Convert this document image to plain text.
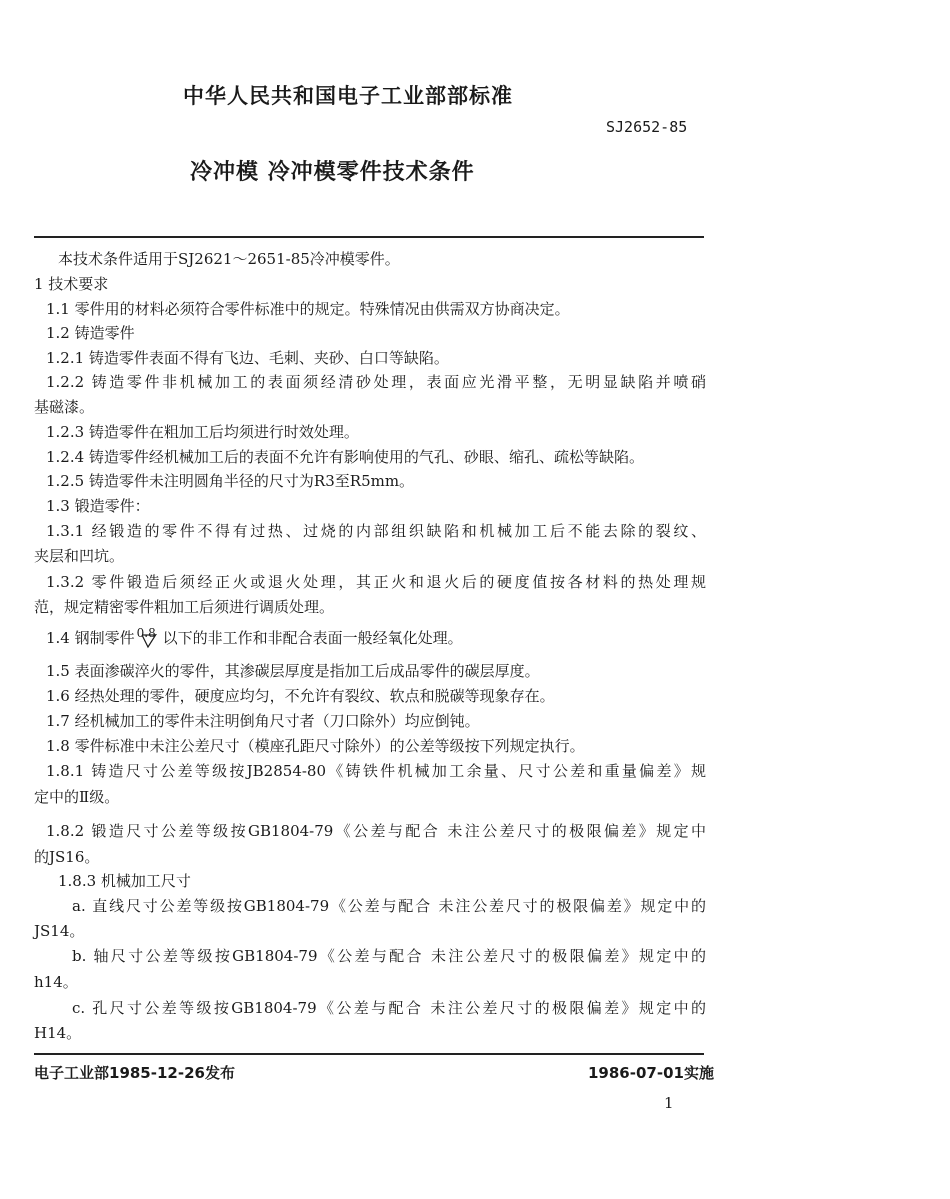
中华人民共和国电子工业部部标准
SJ2652-85
冷冲模 冷冲模零件技术条件
本技术条件适用于SJ2621～2651-85冷冲模零件。
1 技术要求
1.1 零件用的材料必须符合零件标准中的规定。特殊情况由供需双方协商决定。
1.2 铸造零件
1.2.1 铸造零件表面不得有飞边、毛刺、夹砂、白口等缺陷。
1.2.2 铸造零件非机械加工的表面须经清砂处理，表面应光滑平整，无明显缺陷并喷硝
基磁漆。
1.2.3 铸造零件在粗加工后均须进行时效处理。
1.2.4 铸造零件经机械加工后的表面不允许有影响使用的气孔、砂眼、缩孔、疏松等缺陷。
1.2.5 铸造零件未注明圆角半径的尺寸为R3至R5mm。
1.3 锻造零件：
1.3.1 经锻造的零件不得有过热、过烧的内部组织缺陷和机械加工后不能去除的裂纹、
夹层和凹坑。
1.3.2 零件锻造后须经正火或退火处理，其正火和退火后的硬度值按各材料的热处理规
范，规定精密零件粗加工后须进行调质处理。
1.4 钢制零件 0.8 以下的非工作和非配合表面一般经氧化处理。
1.5 表面渗碳淬火的零件，其渗碳层厚度是指加工后成品零件的碳层厚度。
1.6 经热处理的零件，硬度应均匀，不允许有裂纹、软点和脱碳等现象存在。
1.7 经机械加工的零件未注明倒角尺寸者（刀口除外）均应倒钝。
1.8 零件标准中未注公差尺寸（模座孔距尺寸除外）的公差等级按下列规定执行。
1.8.1 铸造尺寸公差等级按JB2854-80《铸铁件机械加工余量、尺寸公差和重量偏差》规
定中的Ⅱ级。
1.8.2 锻造尺寸公差等级按GB1804-79《公差与配合 未注公差尺寸的极限偏差》规定中
的JS16。
1.8.3 机械加工尺寸
a. 直线尺寸公差等级按GB1804-79《公差与配合 未注公差尺寸的极限偏差》规定中的
JS14。
b. 轴尺寸公差等级按GB1804-79《公差与配合 未注公差尺寸的极限偏差》规定中的
h14。
c. 孔尺寸公差等级按GB1804-79《公差与配合 未注公差尺寸的极限偏差》规定中的
H14。
电子工业部1985-12-26发布	1986-07-01实施
1
